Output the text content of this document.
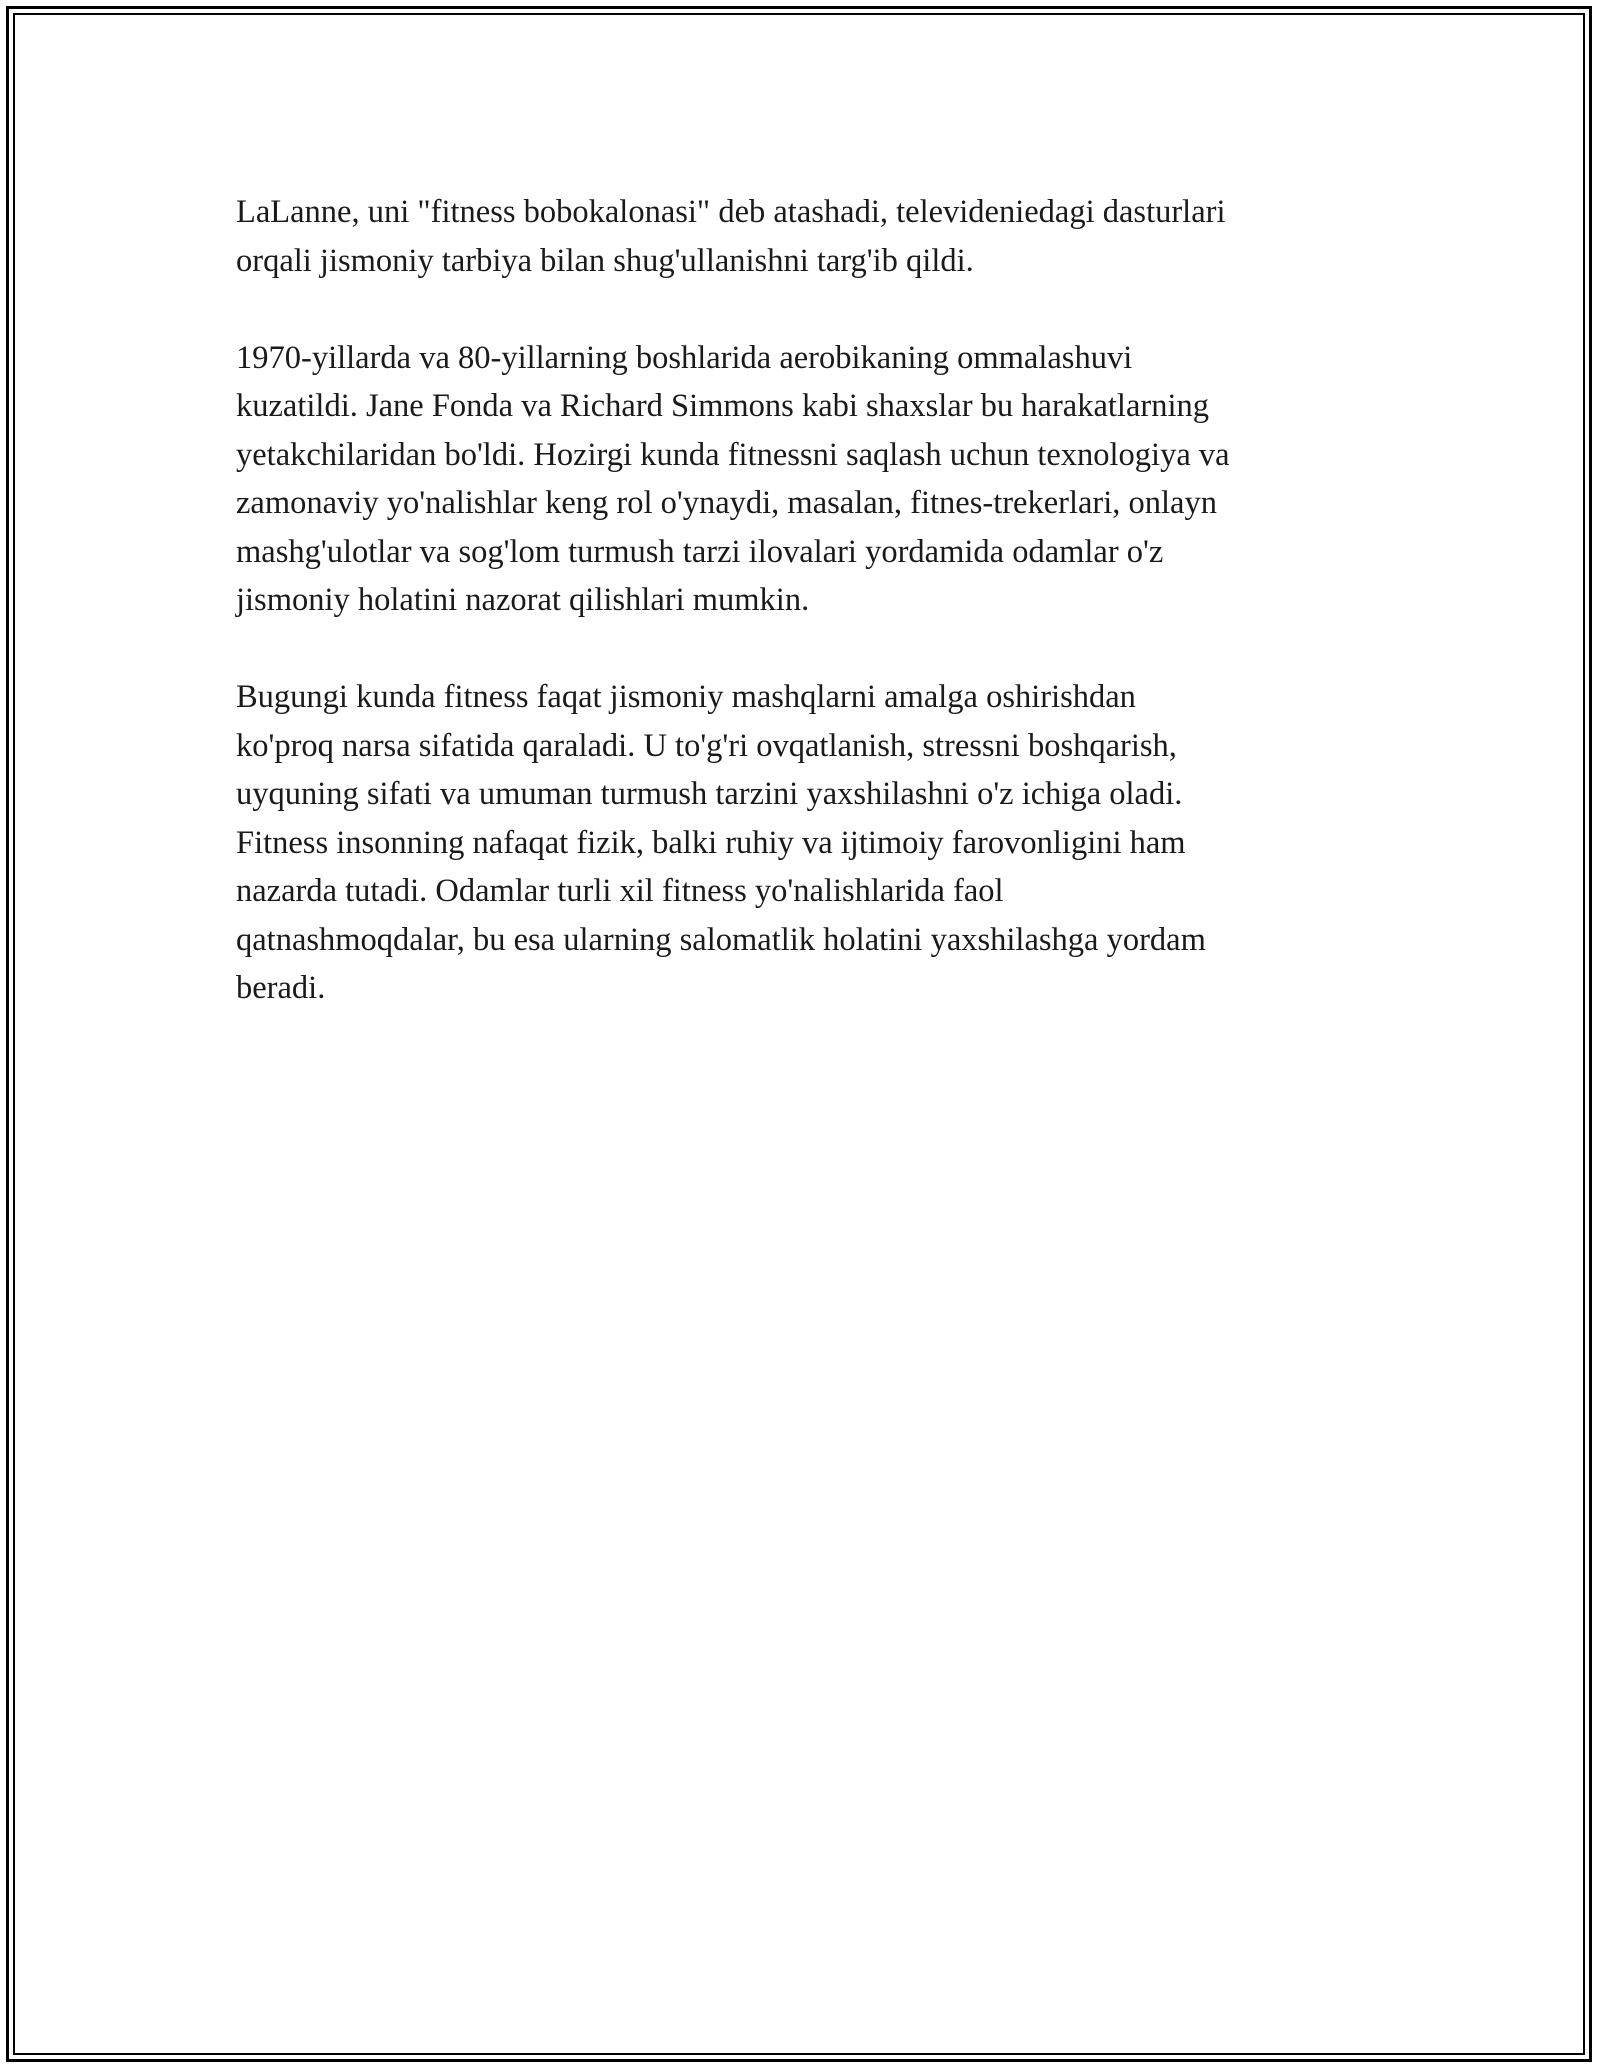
LaLanne, uni "fitness bobokalonasi" deb atashadi, televideniedagi dasturlari
orqali jismoniy tarbiya bilan shug'ullanishni targ'ib qildi.

1970-yillarda va 80-yillarning boshlarida aerobikaning ommalashuvi
kuzatildi. Jane Fonda va Richard Simmons kabi shaxslar bu harakatlarning
yetakchilaridan bo'ldi. Hozirgi kunda fitnessni saqlash uchun texnologiya va
zamonaviy yo'nalishlar keng rol o'ynaydi, masalan, fitnes-trekerlari, onlayn
mashg'ulotlar va sog'lom turmush tarzi ilovalari yordamida odamlar o'z
jismoniy holatini nazorat qilishlari mumkin.

Bugungi kunda fitness faqat jismoniy mashqlarni amalga oshirishdan
ko'proq narsa sifatida qaraladi. U to'g'ri ovqatlanish, stressni boshqarish,
uyquning sifati va umuman turmush tarzini yaxshilashni o'z ichiga oladi.
Fitness insonning nafaqat fizik, balki ruhiy va ijtimoiy farovonligini ham
nazarda tutadi. Odamlar turli xil fitness yo'nalishlarida faol
qatnashmoqdalar, bu esa ularning salomatlik holatini yaxshilashga yordam
beradi.
